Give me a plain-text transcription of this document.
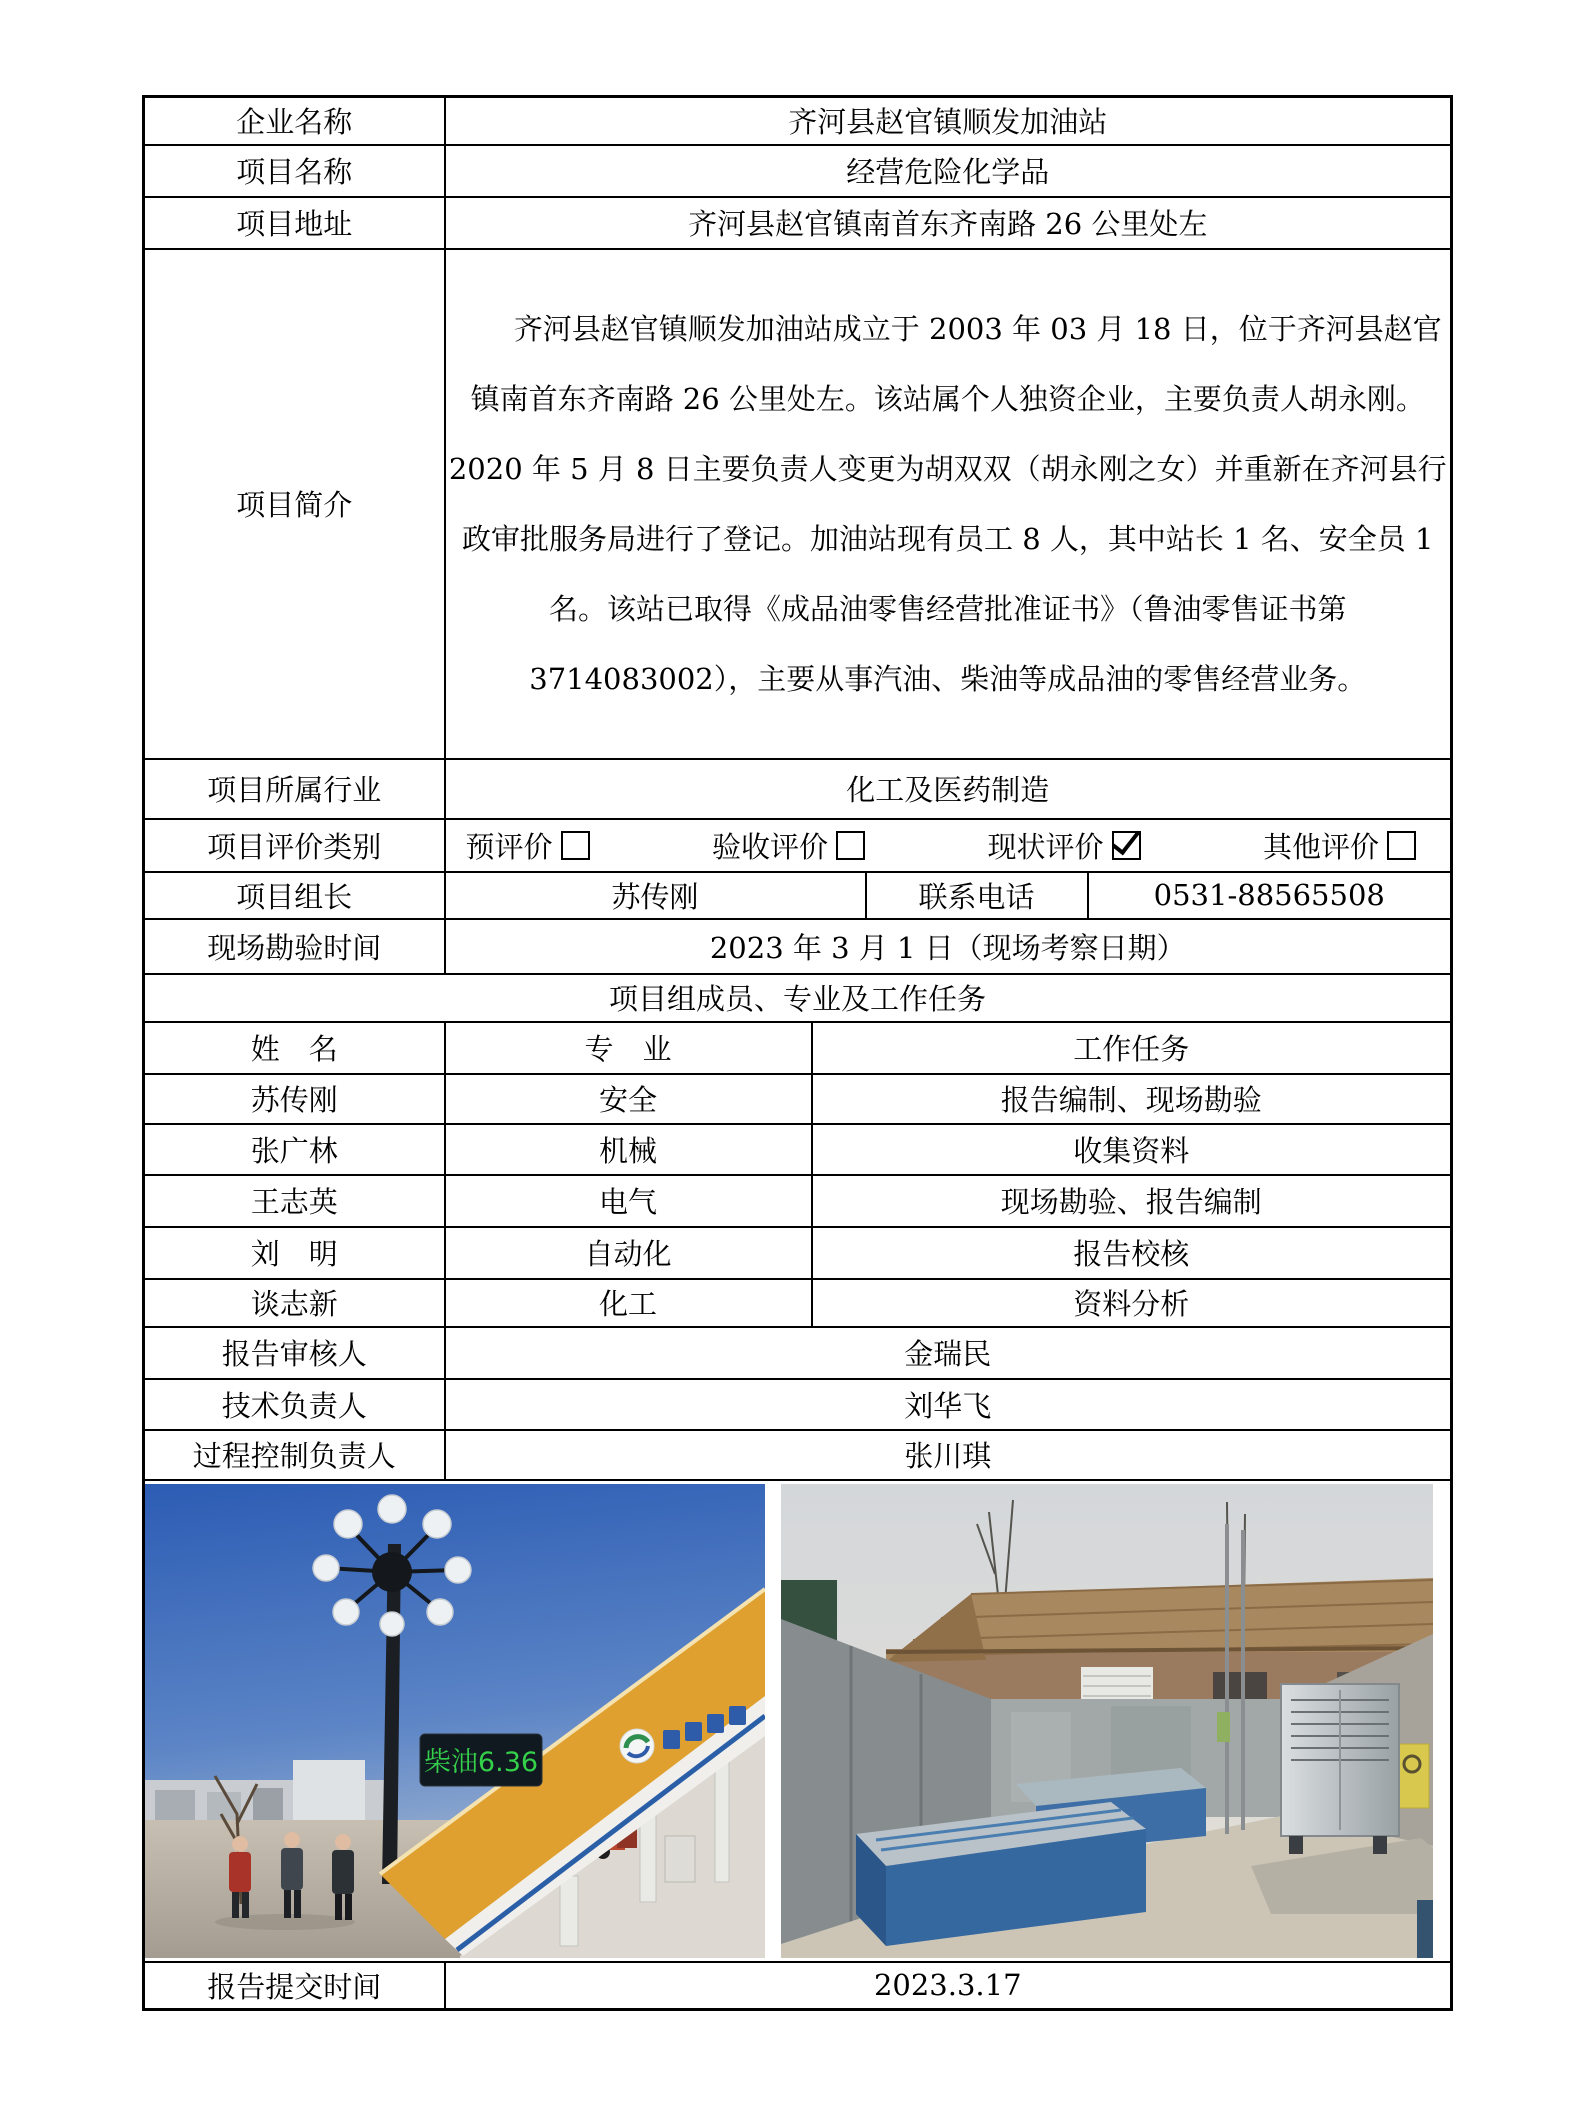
企业名称	齐河县赵官镇顺发加油站			
项目名称	经营危险化学品			
项目地址	齐河县赵官镇南首东齐南路 26 公里处左			
项目简介	齐河县赵官镇顺发加油站成立于 2003 年 03 月 18 日，位于齐河县赵官镇南首东齐南路 26 公里处左。该站属个人独资企业，主要负责人胡永刚。2020 年 5 月 8 日主要负责人变更为胡双双（胡永刚之女）并重新在齐河县行政审批服务局进行了登记。加油站现有员工 8 人，其中站长 1 名、安全员 1 名。该站已取得《成品油零售经营批准证书》（鲁油零售证书第 3714083002），主要从事汽油、柴油等成品油的零售经营业务。			
项目所属行业	化工及医药制造			
项目评价类别	预评价 验收评价 现状评价 其他评价			

项目组长	苏传刚		联系电话	0531-88565508
现场勘验时间	2023 年 3 月 1 日（现场考察日期）			
项目组成员、专业及工作任务				
姓　名	专　业	工作任务		
苏传刚	安全	报告编制、现场勘验		
张广林	机械	收集资料		
王志英	电气	现场勘验、报告编制		
刘　明	自动化	报告校核		
谈志新	化工	资料分析		
报告审核人	金瑞民			
技术负责人	刘华飞			
过程控制负责人	张川琪			

柴油6.36				

报告提交时间	2023.3.17			
